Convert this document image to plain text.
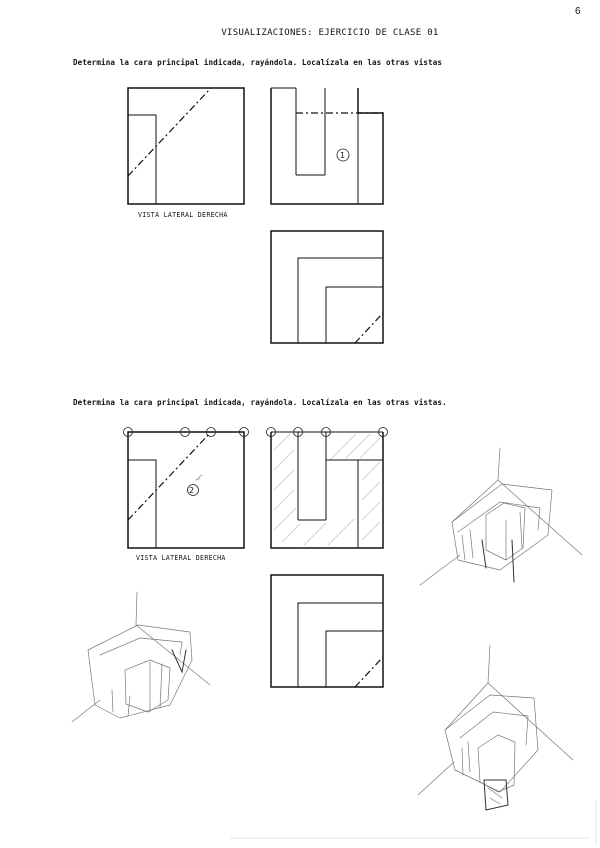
6
VISUALIZACIONES: EJERCICIO DE CLASE 01
Determina la cara principal indicada, rayándola. Localízala en las otras vistas
VISTA LATERAL DERECHA
Determina la cara principal indicada, rayándola. Localízala en las otras vistas.
VISTA LATERAL DERECHA
1
2
